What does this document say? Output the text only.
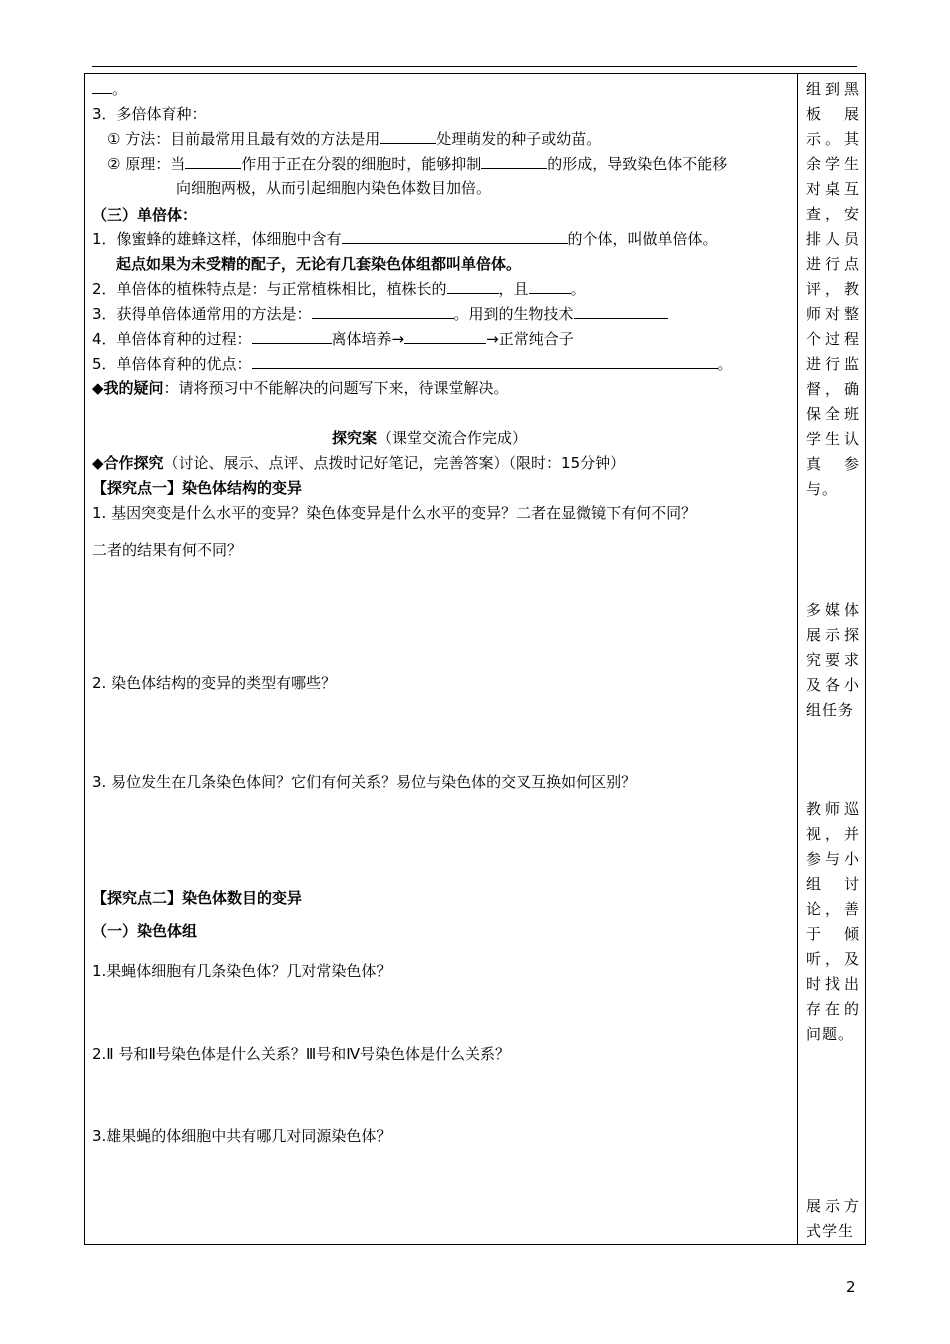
。
3．多倍体育种：
① 方法：目前最常用且最有效的方法是用	处理萌发的种子或幼苗。
② 原理：当	作用于正在分裂的细胞时，能够抑制	的形成，导致染色体不能移
向细胞两极，从而引起细胞内染色体数目加倍。
（三）单倍体：
1．像蜜蜂的雄蜂这样，体细胞中含有	的个体，叫做单倍体。
起点如果为未受精的配子，无论有几套染色体组都叫单倍体。
2．单倍体的植株特点是：与正常植株相比，植株长的	，且	。
3．获得单倍体通常用的方法是：	。用到的生物技术
4．单倍体育种的过程：	离体培养→	→正常纯合子
5．单倍体育种的优点：	。
◆我的疑问：请将预习中不能解决的问题写下来，待课堂解决。
探究案（课堂交流合作完成）
◆合作探究（讨论、展示、点评、点拨时记好笔记，完善答案）（限时：15分钟）
【探究点一】染色体结构的变异
1. 基因突变是什么水平的变异？染色体变异是什么水平的变异？二者在显微镜下有何不同？
二者的结果有何不同？
2. 染色体结构的变异的类型有哪些？
3. 易位发生在几条染色体间？它们有何关系？易位与染色体的交叉互换如何区别？
【探究点二】染色体数目的变异
（一）染色体组
1.果蝇体细胞有几条染色体？几对常染色体？
2.Ⅱ 号和Ⅱ号染色体是什么关系？Ⅲ号和Ⅳ号染色体是什么关系？
3.雄果蝇的体细胞中共有哪几对同源染色体？
组到黑板展示。其余学生对桌互查，安排人员进行点评，教师对整个过程进行监督，确保全班学生认真参与。
多媒体展示探究要求及各小组任务
教师巡视，并参与小组讨论，善于倾听，及时找出存在的问题。
展示方式学生
2
